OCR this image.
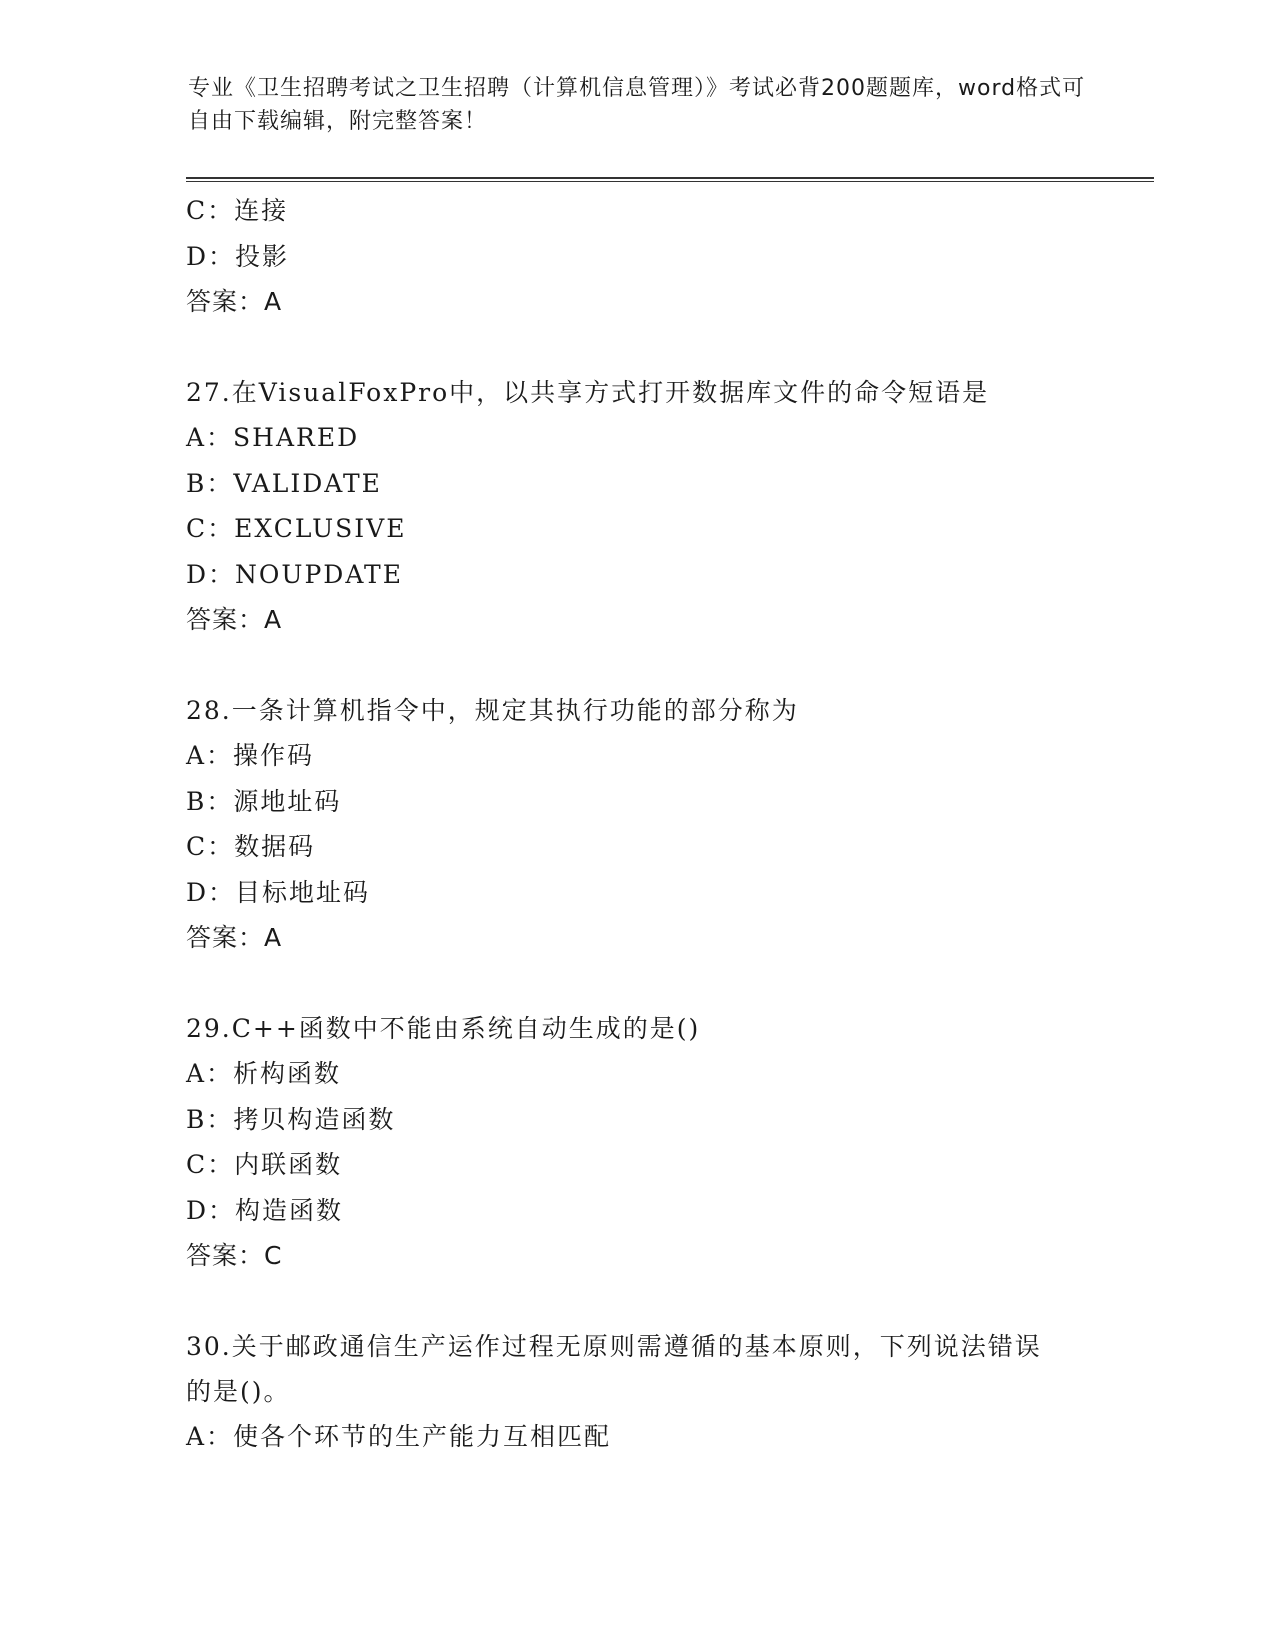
专业《卫生招聘考试之卫生招聘（计算机信息管理）》考试必背200题题库，word格式可自由下载编辑，附完整答案！
C：连接
D：投影
答案：A
27.在VisualFoxPro中，以共享方式打开数据库文件的命令短语是
A：SHARED
B：VALIDATE
C：EXCLUSIVE
D：NOUPDATE
答案：A
28.一条计算机指令中，规定其执行功能的部分称为
A：操作码
B：源地址码
C：数据码
D：目标地址码
答案：A
29.C++函数中不能由系统自动生成的是()
A：析构函数
B：拷贝构造函数
C：内联函数
D：构造函数
答案：C
30.关于邮政通信生产运作过程无原则需遵循的基本原则，下列说法错误的是()。
A：使各个环节的生产能力互相匹配
